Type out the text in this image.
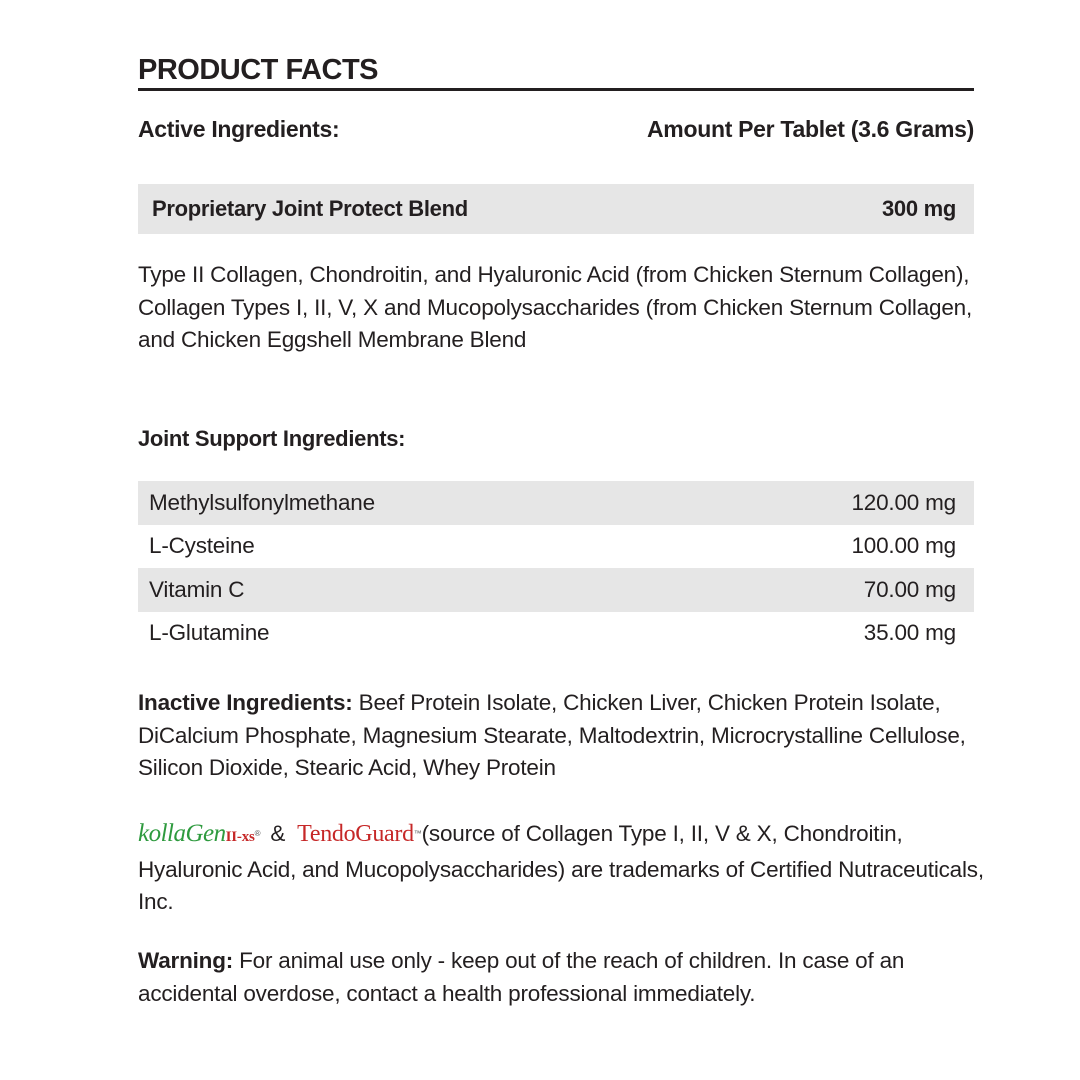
PRODUCT FACTS
Active Ingredients:	Amount Per Tablet (3.6 Grams)
Proprietary Joint Protect Blend	300 mg
Type II Collagen, Chondroitin, and Hyaluronic Acid (from Chicken Sternum Collagen), Collagen Types I, II, V, X and Mucopolysaccharides (from Chicken Sternum Collagen, and Chicken Eggshell Membrane Blend
Joint Support Ingredients:
Methylsulfonylmethane	120.00 mg
L-Cysteine	100.00 mg
Vitamin C	70.00 mg
L-Glutamine	35.00 mg
Inactive Ingredients: Beef Protein Isolate, Chicken Liver, Chicken Protein Isolate, DiCalcium Phosphate, Magnesium Stearate, Maltodextrin, Microcrystalline Cellulose, Silicon Dioxide, Stearic Acid, Whey Protein
kollaGenII-xs® & TendoGuard™(source of Collagen Type I, II, V & X, Chondroitin, Hyaluronic Acid, and Mucopolysaccharides) are trademarks of Certified Nutraceuticals, Inc.
Warning: For animal use only - keep out of the reach of children. In case of an accidental overdose, contact a health professional immediately.
